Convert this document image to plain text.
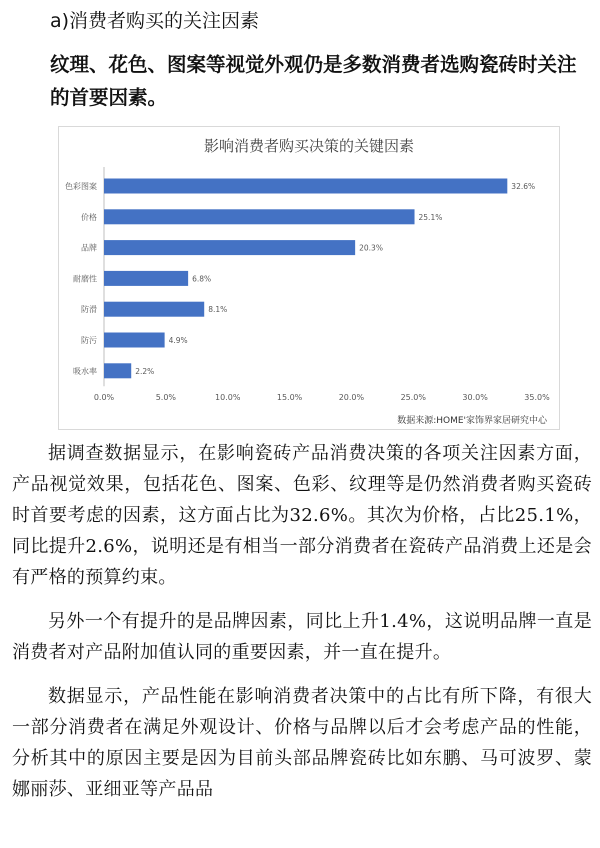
a)消费者购买的关注因素
纹理、花色、图案等视觉外观仍是多数消费者选购瓷砖时关注的首要因素。
影响消费者购买决策的关键因素
色彩图案	32.6%
价格	25.1%
品牌	20.3%
耐磨性	6.8%
防滑	8.1%
防污	4.9%
吸水率	2.2%
0.0%	5.0%	10.0%	15.0%	20.0%	25.0%	30.0%	35.0%
数据来源:HOME'家饰界家居研究中心

据调查数据显示，在影响瓷砖产品消费决策的各项关注因素方面，产品视觉效果，包括花色、图案、色彩、纹理等是仍然消费者购买瓷砖时首要考虑的因素，这方面占比为32.6%。其次为价格，占比25.1%，同比提升2.6%，说明还是有相当一部分消费者在瓷砖产品消费上还是会有严格的预算约束。

另外一个有提升的是品牌因素，同比上升1.4%，这说明品牌一直是消费者对产品附加值认同的重要因素，并一直在提升。

数据显示，产品性能在影响消费者决策中的占比有所下降，有很大一部分消费者在满足外观设计、价格与品牌以后才会考虑产品的性能，分析其中的原因主要是因为目前头部品牌瓷砖比如东鹏、马可波罗、蒙娜丽莎、亚细亚等产品品
